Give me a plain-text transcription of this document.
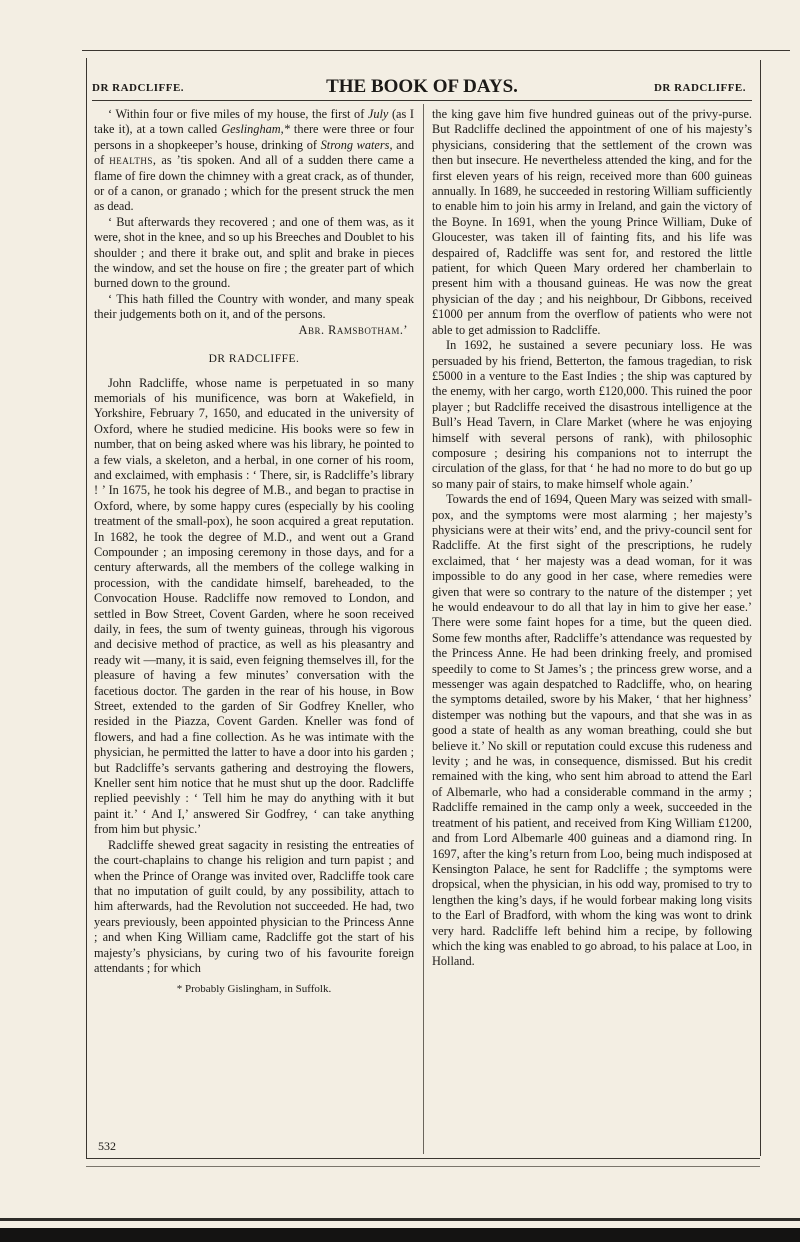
DR RADCLIFFE.	THE BOOK OF DAYS.	DR RADCLIFFE.

‘ Within four or five miles of my house, the first of July (as I take it), at a town called Geslingham,* there were three or four persons in a shopkeeper’s house, drinking of Strong waters, and of healths, as ’tis spoken. And all of a sudden there came a flame of fire down the chimney with a great crack, as of thunder, or of a canon, or granado ; which for the present struck the men as dead.

‘ But afterwards they recovered ; and one of them was, as it were, shot in the knee, and so up his Breeches and Doublet to his shoulder ; and there it brake out, and split and brake in pieces the window, and set the house on fire ; the greater part of which burned down to the ground.

‘ This hath filled the Country with wonder, and many speak their judgements both on it, and of the persons.

Abr. Ramsbotham.’

DR RADCLIFFE.

John Radcliffe, whose name is perpetuated in so many memorials of his munificence, was born at Wakefield, in Yorkshire, February 7, 1650, and educated in the university of Oxford, where he studied medicine. His books were so few in number, that on being asked where was his library, he pointed to a few vials, a skeleton, and a herbal, in one corner of his room, and exclaimed, with emphasis : ‘ There, sir, is Radcliffe’s library ! ’ In 1675, he took his degree of M.B., and began to practise in Oxford, where, by some happy cures (especially by his cooling treatment of the small-pox), he soon acquired a great reputation. In 1682, he took the degree of M.D., and went out a Grand Compounder ; an imposing ceremony in those days, and for a century afterwards, all the members of the college walking in procession, with the candidate himself, bareheaded, to the Convocation House. Radcliffe now removed to London, and settled in Bow Street, Covent Garden, where he soon received daily, in fees, the sum of twenty guineas, through his vigorous and decisive method of practice, as well as his pleasantry and ready wit —many, it is said, even feigning themselves ill, for the pleasure of having a few minutes’ conversation with the facetious doctor. The garden in the rear of his house, in Bow Street, extended to the garden of Sir Godfrey Kneller, who resided in the Piazza, Covent Garden. Kneller was fond of flowers, and had a fine collection. As he was intimate with the physician, he permitted the latter to have a door into his garden ; but Radcliffe’s servants gathering and destroying the flowers, Kneller sent him notice that he must shut up the door. Radcliffe replied peevishly : ‘ Tell him he may do anything with it but paint it.’ ‘ And I,’ answered Sir Godfrey, ‘ can take anything from him but physic.’

Radcliffe shewed great sagacity in resisting the entreaties of the court-chaplains to change his religion and turn papist ; and when the Prince of Orange was invited over, Radcliffe took care that no imputation of guilt could, by any possibility, attach to him afterwards, had the Revolution not succeeded. He had, two years previously, been appointed physician to the Princess Anne ; and when King William came, Radcliffe got the start of his majesty’s physicians, by curing two of his favourite foreign attendants ; for which

* Probably Gislingham, in Suffolk.

the king gave him five hundred guineas out of the privy-purse. But Radcliffe declined the appointment of one of his majesty’s physicians, considering that the settlement of the crown was then but insecure. He nevertheless attended the king, and for the first eleven years of his reign, received more than 600 guineas annually. In 1689, he succeeded in restoring William sufficiently to enable him to join his army in Ireland, and gain the victory of the Boyne. In 1691, when the young Prince William, Duke of Gloucester, was taken ill of fainting fits, and his life was despaired of, Radcliffe was sent for, and restored the little patient, for which Queen Mary ordered her chamberlain to present him with a thousand guineas. He was now the great physician of the day ; and his neighbour, Dr Gibbons, received £1000 per annum from the overflow of patients who were not able to get admission to Radcliffe.

In 1692, he sustained a severe pecuniary loss. He was persuaded by his friend, Betterton, the famous tragedian, to risk £5000 in a venture to the East Indies ; the ship was captured by the enemy, with her cargo, worth £120,000. This ruined the poor player ; but Radcliffe received the disastrous intelligence at the Bull’s Head Tavern, in Clare Market (where he was enjoying himself with several persons of rank), with philosophic composure ; desiring his companions not to interrupt the circulation of the glass, for that ‘ he had no more to do but go up so many pair of stairs, to make himself whole again.’

Towards the end of 1694, Queen Mary was seized with small-pox, and the symptoms were most alarming ; her majesty’s physicians were at their wits’ end, and the privy-council sent for Radcliffe. At the first sight of the prescriptions, he rudely exclaimed, that ‘ her majesty was a dead woman, for it was impossible to do any good in her case, where remedies were given that were so contrary to the nature of the distemper ; yet he would endeavour to do all that lay in him to give her ease.’ There were some faint hopes for a time, but the queen died. Some few months after, Radcliffe’s attendance was requested by the Princess Anne. He had been drinking freely, and promised speedily to come to St James’s ; the princess grew worse, and a messenger was again despatched to Radcliffe, who, on hearing the symptoms detailed, swore by his Maker, ‘ that her highness’ distemper was nothing but the vapours, and that she was in as good a state of health as any woman breathing, could she but believe it.’ No skill or reputation could excuse this rudeness and levity ; and he was, in consequence, dismissed. But his credit remained with the king, who sent him abroad to attend the Earl of Albemarle, who had a considerable command in the army ; Radcliffe remained in the camp only a week, succeeded in the treatment of his patient, and received from King William £1200, and from Lord Albemarle 400 guineas and a diamond ring. In 1697, after the king’s return from Loo, being much indisposed at Kensington Palace, he sent for Radcliffe ; the symptoms were dropsical, when the physician, in his odd way, promised to try to lengthen the king’s days, if he would forbear making long visits to the Earl of Bradford, with whom the king was wont to drink very hard. Radcliffe left behind him a recipe, by following which the king was enabled to go abroad, to his palace at Loo, in Holland.

532
